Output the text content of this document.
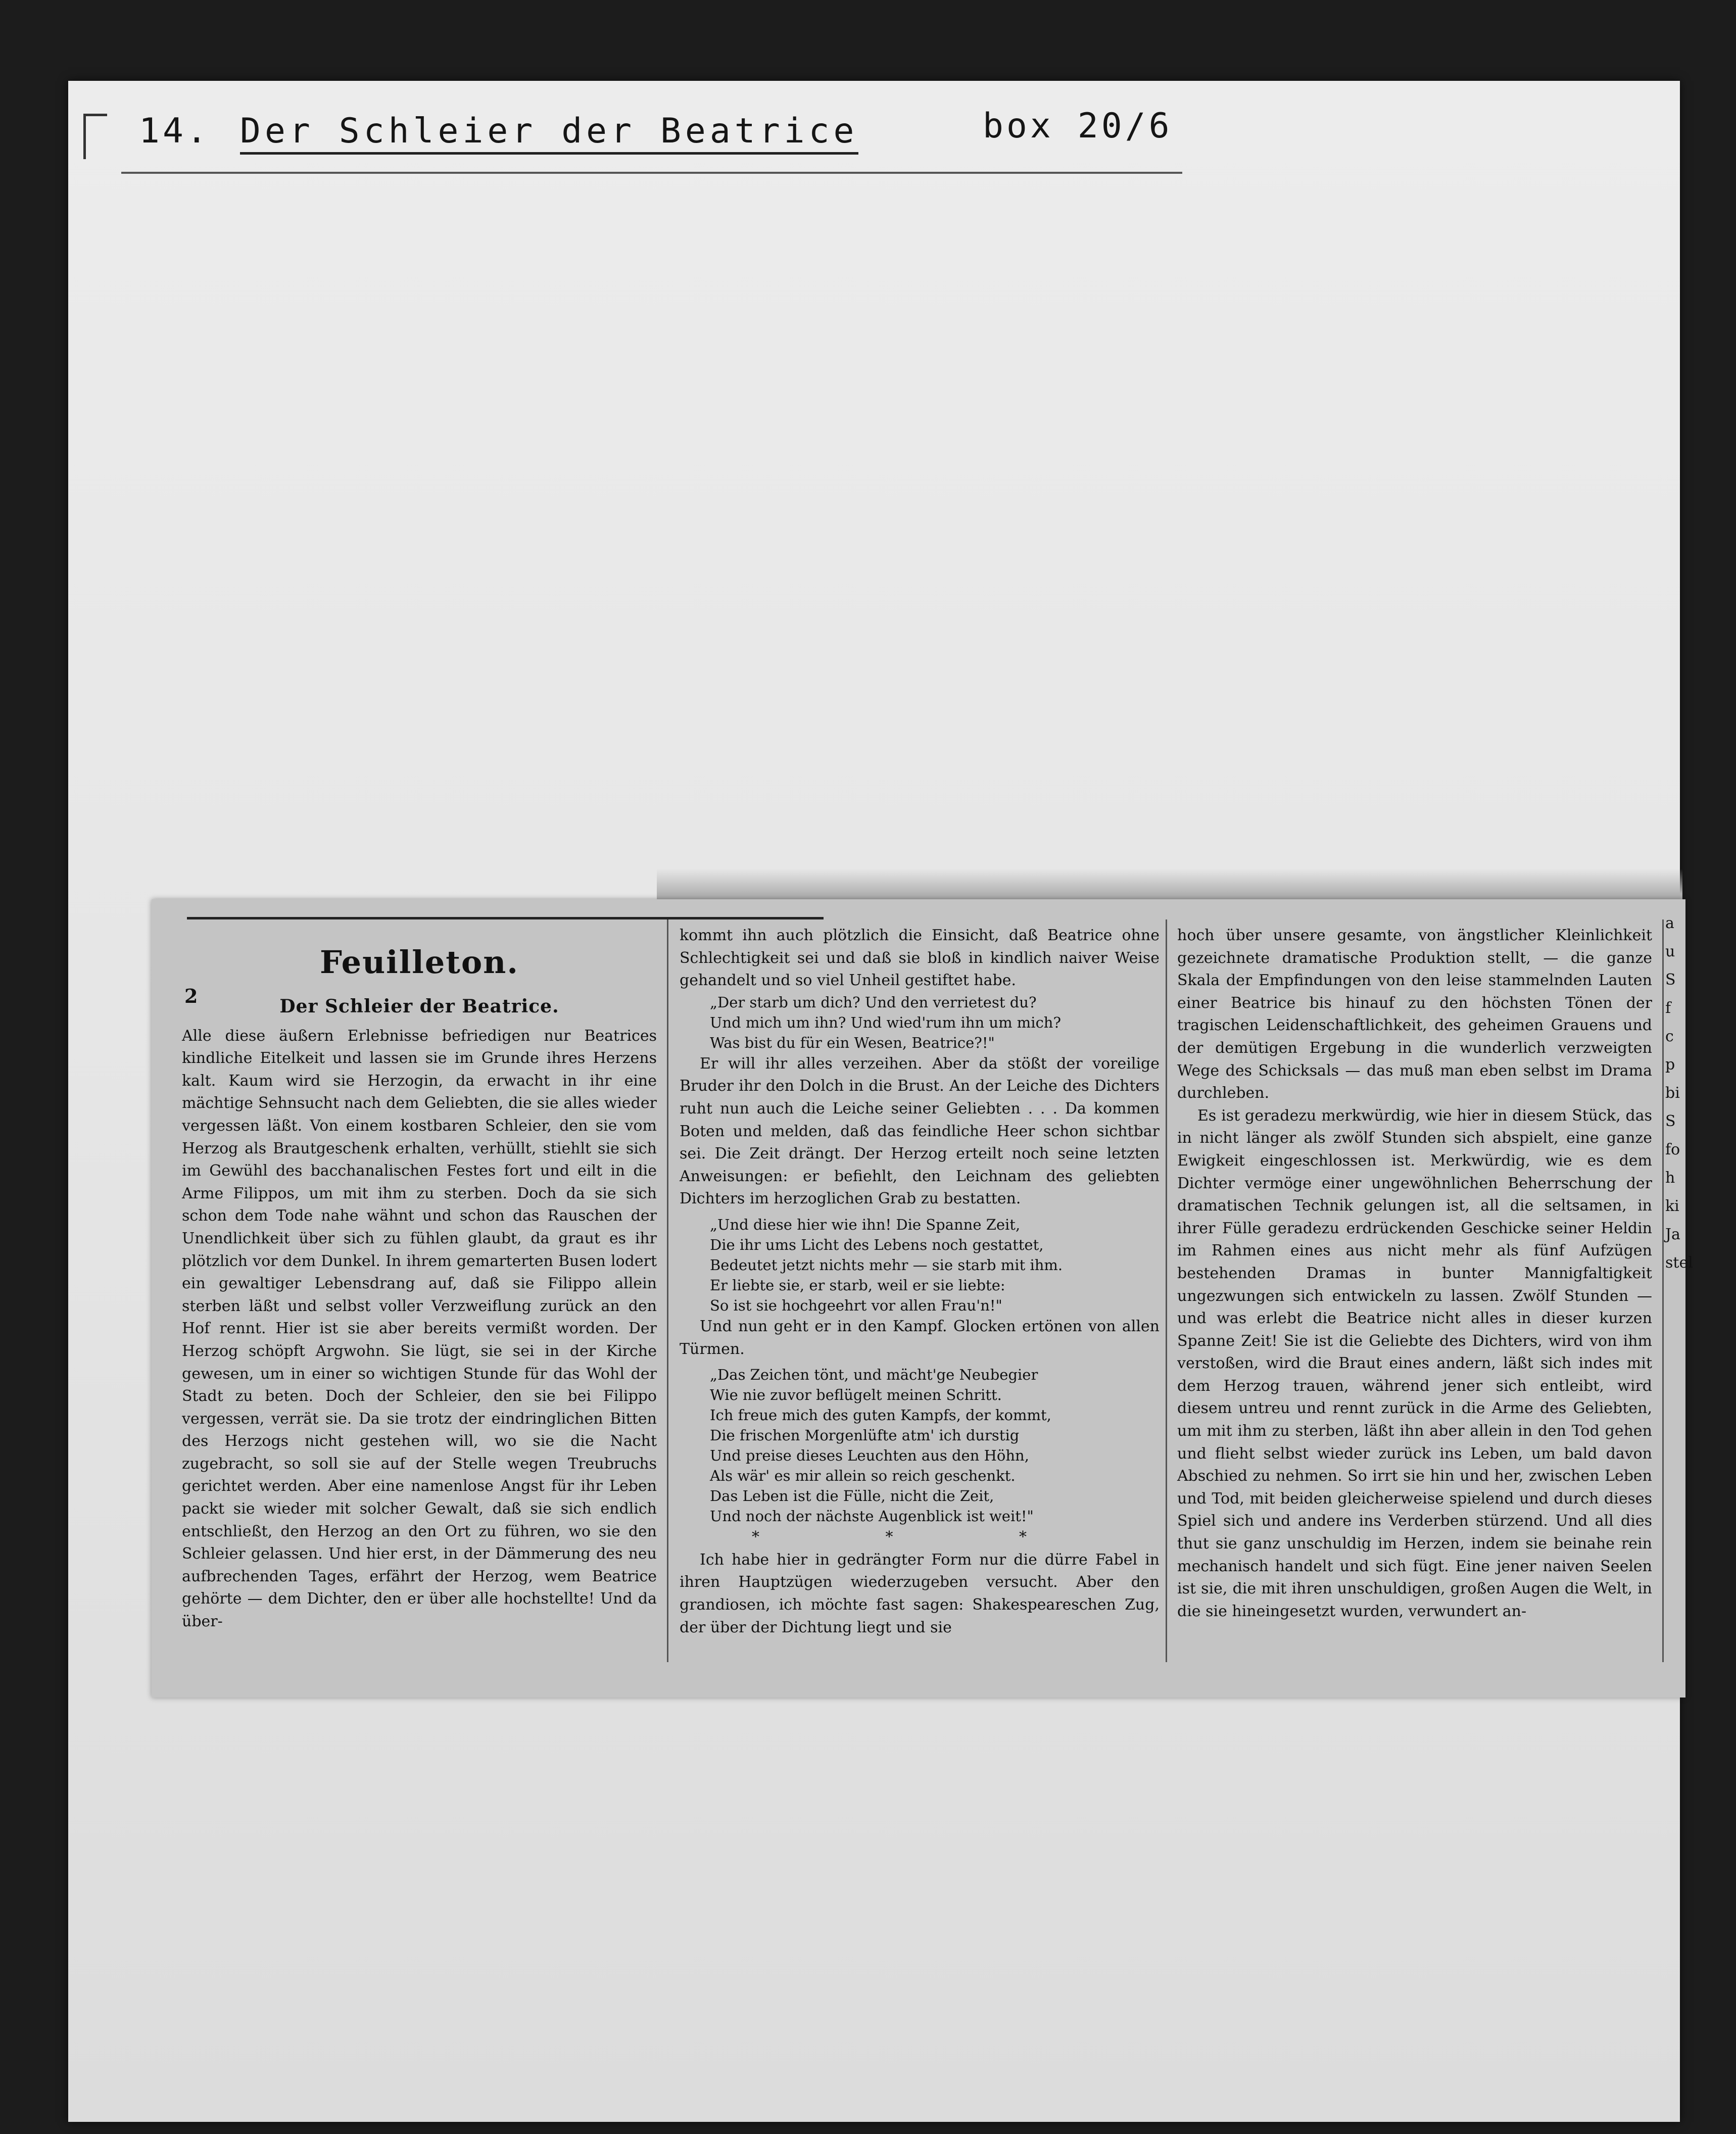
14. Der Schleier der Beatrice	box 20/6
2
Feuilleton.
Der Schleier der Beatrice.

Alle diese äußern Erlebnisse befriedigen nur Beatrices kindliche Eitelkeit und lassen sie im Grunde ihres Herzens kalt. Kaum wird sie Herzogin, da erwacht in ihr eine mächtige Sehnsucht nach dem Geliebten, die sie alles wieder vergessen läßt. Von einem kostbaren Schleier, den sie vom Herzog als Brautgeschenk erhalten, verhüllt, stiehlt sie sich im Gewühl des bacchanalischen Festes fort und eilt in die Arme Filippos, um mit ihm zu sterben. Doch da sie sich schon dem Tode nahe wähnt und schon das Rauschen der Unendlichkeit über sich zu fühlen glaubt, da graut es ihr plötzlich vor dem Dunkel. In ihrem gemarterten Busen lodert ein gewaltiger Lebensdrang auf, daß sie Filippo allein sterben läßt und selbst voller Verzweiflung zurück an den Hof rennt. Hier ist sie aber bereits vermißt worden. Der Herzog schöpft Argwohn. Sie lügt, sie sei in der Kirche gewesen, um in einer so wichtigen Stunde für das Wohl der Stadt zu beten. Doch der Schleier, den sie bei Filippo vergessen, verrät sie. Da sie trotz der eindringlichen Bitten des Herzogs nicht gestehen will, wo sie die Nacht zugebracht, so soll sie auf der Stelle wegen Treubruchs gerichtet werden. Aber eine namenlose Angst für ihr Leben packt sie wieder mit solcher Gewalt, daß sie sich endlich entschließt, den Herzog an den Ort zu führen, wo sie den Schleier gelassen. Und hier erst, in der Dämmerung des neu aufbrechenden Tages, erfährt der Herzog, wem Beatrice gehörte — dem Dichter, den er über alle hochstellte! Und da über-

kommt ihn auch plötzlich die Einsicht, daß Beatrice ohne Schlechtigkeit sei und daß sie bloß in kindlich naiver Weise gehandelt und so viel Unheil gestiftet habe.

„Der starb um dich? Und den verrietest du?

Und mich um ihn? Und wied'rum ihn um mich?

Was bist du für ein Wesen, Beatrice?!"

Er will ihr alles verzeihen. Aber da stößt der voreilige Bruder ihr den Dolch in die Brust. An der Leiche des Dichters ruht nun auch die Leiche seiner Geliebten . . . Da kommen Boten und melden, daß das feindliche Heer schon sichtbar sei. Die Zeit drängt. Der Herzog erteilt noch seine letzten Anweisungen: er befiehlt, den Leichnam des geliebten Dichters im herzoglichen Grab zu bestatten.

„Und diese hier wie ihn! Die Spanne Zeit,

Die ihr ums Licht des Lebens noch gestattet,

Bedeutet jetzt nichts mehr — sie starb mit ihm.

Er liebte sie, er starb, weil er sie liebte:

So ist sie hochgeehrt vor allen Frau'n!"

Und nun geht er in den Kampf. Glocken ertönen von allen Türmen.

„Das Zeichen tönt, und mächt'ge Neubegier

Wie nie zuvor beflügelt meinen Schritt.

Ich freue mich des guten Kampfs, der kommt,

Die frischen Morgenlüfte atm' ich durstig

Und preise dieses Leuchten aus den Höhn,

Als wär' es mir allein so reich geschenkt.

Das Leben ist die Fülle, nicht die Zeit,

Und noch der nächste Augenblick ist weit!"

* * *

Ich habe hier in gedrängter Form nur die dürre Fabel in ihren Hauptzügen wiederzugeben versucht. Aber den grandiosen, ich möchte fast sagen: Shakespeareschen Zug, der über der Dichtung liegt und sie

hoch über unsere gesamte, von ängstlicher Kleinlichkeit gezeichnete dramatische Produktion stellt, — die ganze Skala der Empfindungen von den leise stammelnden Lauten einer Beatrice bis hinauf zu den höchsten Tönen der tragischen Leidenschaftlichkeit, des geheimen Grauens und der demütigen Ergebung in die wunderlich verzweigten Wege des Schicksals — das muß man eben selbst im Drama durchleben.

Es ist geradezu merkwürdig, wie hier in diesem Stück, das in nicht länger als zwölf Stunden sich abspielt, eine ganze Ewigkeit eingeschlossen ist. Merkwürdig, wie es dem Dichter vermöge einer ungewöhnlichen Beherrschung der dramatischen Technik gelungen ist, all die seltsamen, in ihrer Fülle geradezu erdrückenden Geschicke seiner Heldin im Rahmen eines aus nicht mehr als fünf Aufzügen bestehenden Dramas in bunter Mannigfaltigkeit ungezwungen sich entwickeln zu lassen. Zwölf Stunden — und was erlebt die Beatrice nicht alles in dieser kurzen Spanne Zeit! Sie ist die Geliebte des Dichters, wird von ihm verstoßen, wird die Braut eines andern, läßt sich indes mit dem Herzog trauen, während jener sich entleibt, wird diesem untreu und rennt zurück in die Arme des Geliebten, um mit ihm zu sterben, läßt ihn aber allein in den Tod gehen und flieht selbst wieder zurück ins Leben, um bald davon Abschied zu nehmen. So irrt sie hin und her, zwischen Leben und Tod, mit beiden gleicherweise spielend und durch dieses Spiel sich und andere ins Verderben stürzend. Und all dies thut sie ganz unschuldig im Herzen, indem sie beinahe rein mechanisch handelt und sich fügt. Eine jener naiven Seelen ist sie, die mit ihren unschuldigen, großen Augen die Welt, in die sie hineingesetzt wurden, verwundert an-

a
u
S
f
c
p
bi
S
fo
h
ki
Ja
stel
